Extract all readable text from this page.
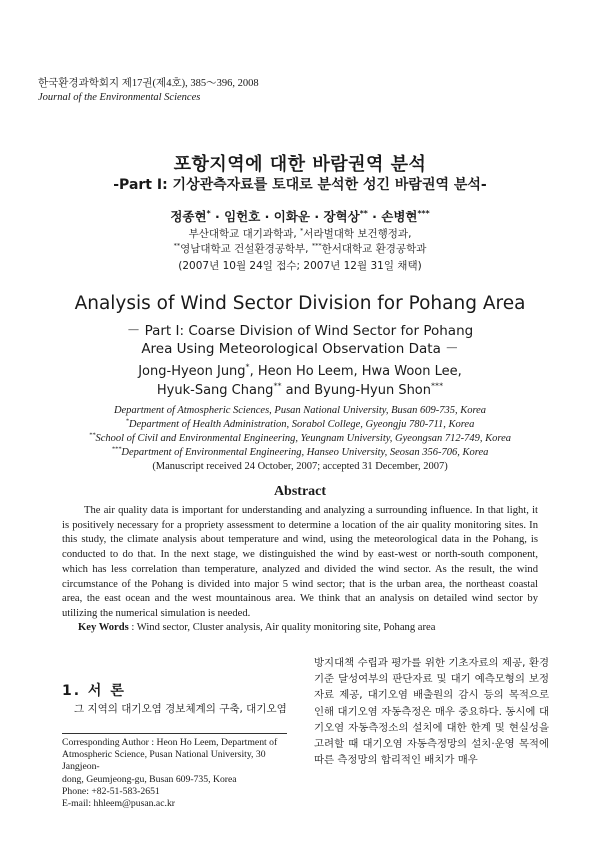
한국환경과학회지 제17권(제4호), 385～396, 2008
Journal of the Environmental Sciences
포항지역에 대한 바람권역 분석
-Part Ⅰ: 기상관측자료를 토대로 분석한 성긴 바람권역 분석-
정종현* · 임헌호 · 이화운 · 장혁상** · 손병현***
부산대학교 대기과학과, *서라벌대학 보건행정과,
**영남대학교 건설환경공학부, ***한서대학교 환경공학과
(2007년 10월 24일 접수; 2007년 12월 31일 채택)
Analysis of Wind Sector Division for Pohang Area
－ Part Ⅰ: Coarse Division of Wind Sector for Pohang
Area Using Meteorological Observation Data －
Jong-Hyeon Jung*, Heon Ho Leem, Hwa Woon Lee,
Hyuk-Sang Chang** and Byung-Hyun Shon***
Department of Atmospheric Sciences, Pusan National University, Busan 609-735, Korea
*Department of Health Administration, Sorabol College, Gyeongju 780-711, Korea
**School of Civil and Environmental Engineering, Yeungnam University, Gyeongsan 712-749, Korea
***Department of Environmental Engineering, Hanseo University, Seosan 356-706, Korea
(Manuscript received 24 October, 2007; accepted 31 December, 2007)
Abstract

The air quality data is important for understanding and analyzing a surrounding influence. In that light, it is positively necessary for a propriety assessment to determine a location of the air quality monitoring sites. In this study, the climate analysis about temperature and wind, using the meteorological data in the Pohang, is conducted to do that. In the next stage, we distinguished the wind by east-west or north-south component, which has less correlation than temperature, analyzed and divided the wind sector. As the result, the wind circumstance of the Pohang is divided into major 5 wind sector; that is the urban area, the northeast coastal area, the east ocean and the west mountainous area. We think that an analysis on detailed wind sector by utilizing the numerical simulation is needed.

Key Words : Wind sector, Cluster analysis, Air quality monitoring site, Pohang area
1. 서 론
그 지역의 대기오염 경보체계의 구축, 대기오염
Corresponding Author : Heon Ho Leem, Department of
Atmospheric Science, Pusan National University, 30 Jangjeon-
dong, Geumjeong-gu, Busan 609-735, Korea
Phone: +82-51-583-2651
E-mail: hhleem@pusan.ac.kr
방지대책 수립과 평가를 위한 기초자료의 제공, 환경기준 달성여부의 판단자료 및 대기 예측모형의 보정자료 제공, 대기오염 배출원의 감시 등의 목적으로 인해 대기오염 자동측정은 매우 중요하다. 동시에 대기오염 자동측정소의 설치에 대한 한계 및 현실성을 고려할 때 대기오염 자동측정망의 설치·운영 목적에 따른 측정망의 합리적인 배치가 매우
